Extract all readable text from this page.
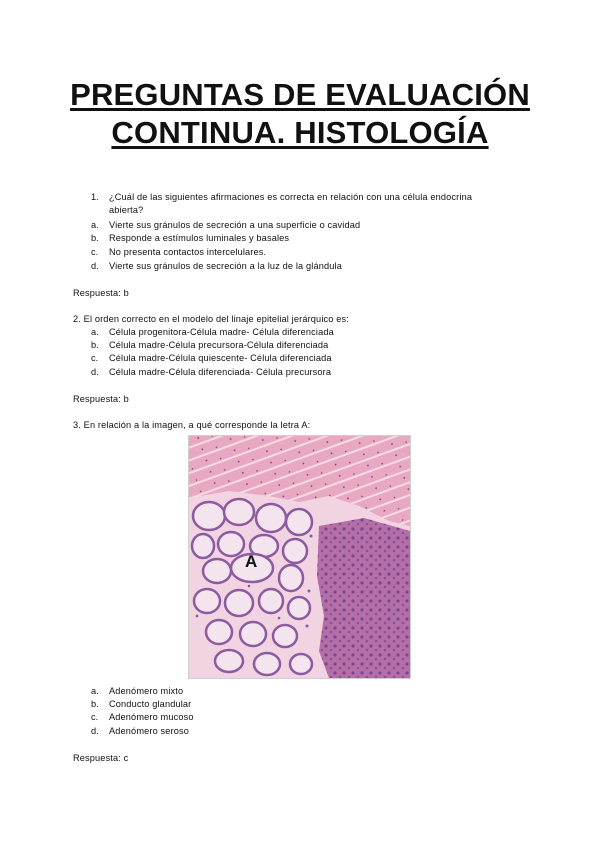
PREGUNTAS DE EVALUACIÓN
CONTINUA. HISTOLOGÍA
1. ¿Cuál de las siguientes afirmaciones es correcta en relación con una célula endocrina
abierta?
a. Vierte sus gránulos de secreción a una superficie o cavidad
b. Responde a estímulos luminales y basales
c. No presenta contactos intercelulares.
d. Vierte sus gránulos de secreción a la luz de la glándula
Respuesta: b
2. El orden correcto en el modelo del linaje epitelial jerárquico es:
a. Célula progenitora-Célula madre- Célula diferenciada
b. Célula madre-Célula precursora-Célula diferenciada
c. Célula madre-Célula quiescente- Célula diferenciada
d. Célula madre-Célula diferenciada- Célula precursora
Respuesta: b
3. En relación a la imagen, a qué corresponde la letra A:
A
a. Adenómero mixto
b. Conducto glandular
c. Adenómero mucoso
d. Adenómero seroso
Respuesta: c
